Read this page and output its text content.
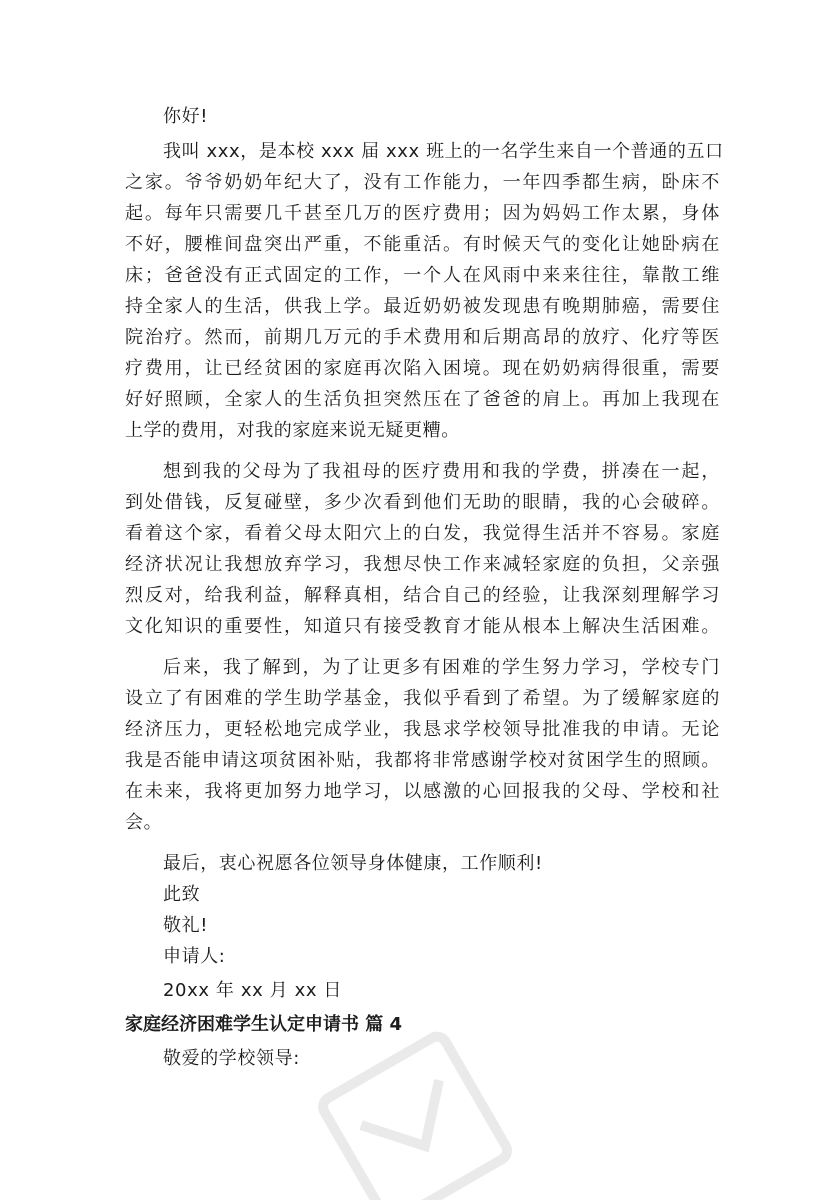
你好!
我叫 xxx，是本校 xxx 届 xxx 班上的一名学生来自一个普通的五口
之家。爷爷奶奶年纪大了，没有工作能力，一年四季都生病，卧床不
起。每年只需要几千甚至几万的医疗费用；因为妈妈工作太累，身体
不好，腰椎间盘突出严重，不能重活。有时候天气的变化让她卧病在
床；爸爸没有正式固定的工作，一个人在风雨中来来往往，靠散工维
持全家人的生活，供我上学。最近奶奶被发现患有晚期肺癌，需要住
院治疗。然而，前期几万元的手术费用和后期高昂的放疗、化疗等医
疗费用，让已经贫困的家庭再次陷入困境。现在奶奶病得很重，需要
好好照顾，全家人的生活负担突然压在了爸爸的肩上。再加上我现在
上学的费用，对我的家庭来说无疑更糟。
想到我的父母为了我祖母的医疗费用和我的学费，拼凑在一起，
到处借钱，反复碰壁，多少次看到他们无助的眼睛，我的心会破碎。
看着这个家，看着父母太阳穴上的白发，我觉得生活并不容易。家庭
经济状况让我想放弃学习，我想尽快工作来减轻家庭的负担，父亲强
烈反对，给我利益，解释真相，结合自己的经验，让我深刻理解学习
文化知识的重要性，知道只有接受教育才能从根本上解决生活困难。
后来，我了解到，为了让更多有困难的学生努力学习，学校专门
设立了有困难的学生助学基金，我似乎看到了希望。为了缓解家庭的
经济压力，更轻松地完成学业，我恳求学校领导批准我的申请。无论
我是否能申请这项贫困补贴，我都将非常感谢学校对贫困学生的照顾。
在未来，我将更加努力地学习，以感激的心回报我的父母、学校和社
会。
最后，衷心祝愿各位领导身体健康，工作顺利!
此致
敬礼!
申请人:
20xx 年 xx 月 xx 日
家庭经济困难学生认定申请书 篇 4
敬爱的学校领导:
